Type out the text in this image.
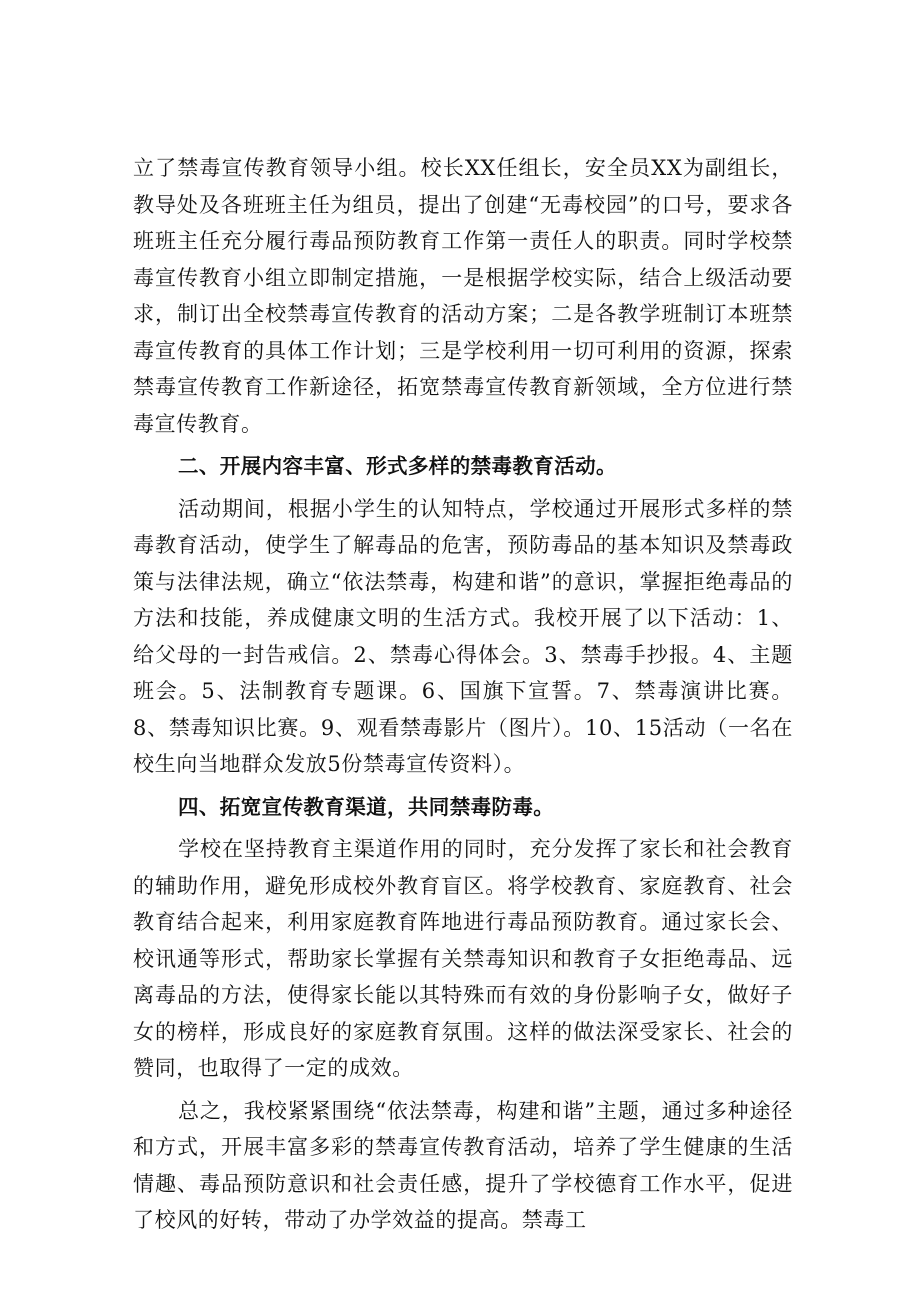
立了禁毒宣传教育领导小组。校长XX任组长，安全员XX为副组长，教导处及各班班主任为组员，提出了创建“无毒校园”的口号，要求各班班主任充分履行毒品预防教育工作第一责任人的职责。同时学校禁毒宣传教育小组立即制定措施，一是根据学校实际，结合上级活动要求，制订出全校禁毒宣传教育的活动方案；二是各教学班制订本班禁毒宣传教育的具体工作计划；三是学校利用一切可利用的资源，探索禁毒宣传教育工作新途径，拓宽禁毒宣传教育新领域，全方位进行禁毒宣传教育。

二、开展内容丰富、形式多样的禁毒教育活动。

活动期间，根据小学生的认知特点，学校通过开展形式多样的禁毒教育活动，使学生了解毒品的危害，预防毒品的基本知识及禁毒政策与法律法规，确立“依法禁毒，构建和谐”的意识，掌握拒绝毒品的方法和技能，养成健康文明的生活方式。我校开展了以下活动：1、给父母的一封告戒信。2、禁毒心得体会。3、禁毒手抄报。4、主题班会。5、法制教育专题课。6、国旗下宣誓。7、禁毒演讲比赛。8、禁毒知识比赛。9、观看禁毒影片（图片）。10、15活动（一名在校生向当地群众发放5份禁毒宣传资料）。

四、拓宽宣传教育渠道，共同禁毒防毒。

学校在坚持教育主渠道作用的同时，充分发挥了家长和社会教育的辅助作用，避免形成校外教育盲区。将学校教育、家庭教育、社会教育结合起来，利用家庭教育阵地进行毒品预防教育。通过家长会、校讯通等形式，帮助家长掌握有关禁毒知识和教育子女拒绝毒品、远离毒品的方法，使得家长能以其特殊而有效的身份影响子女，做好子女的榜样，形成良好的家庭教育氛围。这样的做法深受家长、社会的赞同，也取得了一定的成效。

总之，我校紧紧围绕“依法禁毒，构建和谐”主题，通过多种途径和方式，开展丰富多彩的禁毒宣传教育活动，培养了学生健康的生活情趣、毒品预防意识和社会责任感，提升了学校德育工作水平，促进了校风的好转，带动了办学效益的提高。禁毒工
